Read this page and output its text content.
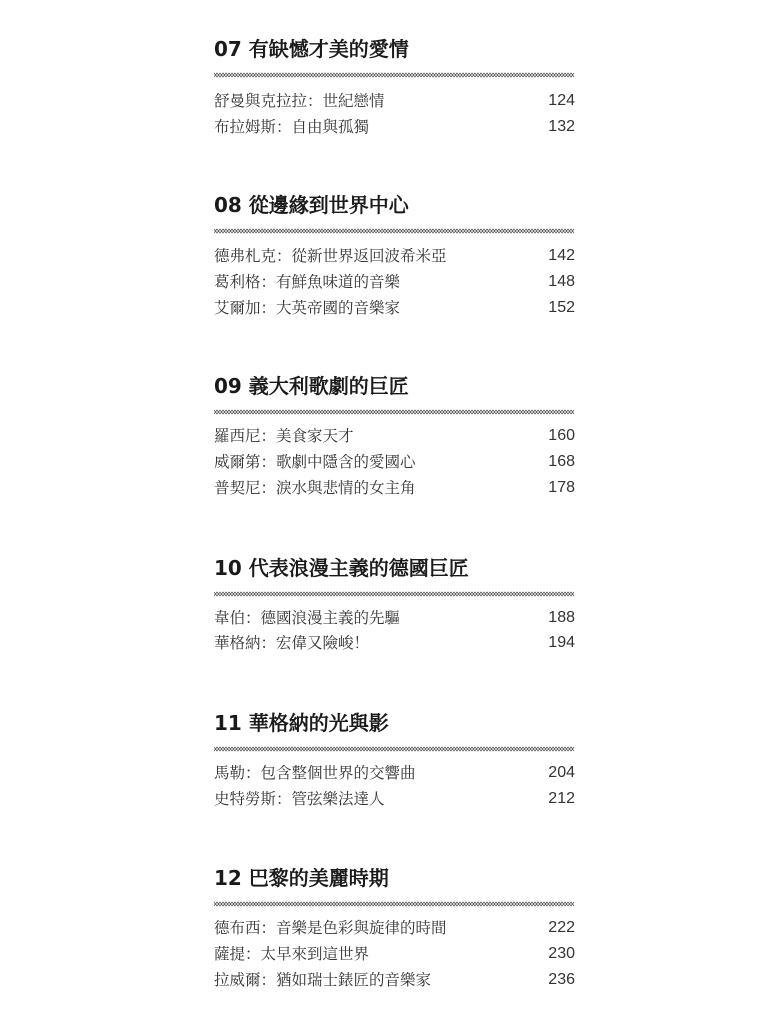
07 有缺憾才美的愛情
舒曼與克拉拉：世紀戀情	124
布拉姆斯：自由與孤獨	132
08 從邊緣到世界中心
德弗札克：從新世界返回波希米亞	142
葛利格：有鮮魚味道的音樂	148
艾爾加：大英帝國的音樂家	152
09 義大利歌劇的巨匠
羅西尼：美食家天才	160
威爾第：歌劇中隱含的愛國心	168
普契尼：淚水與悲情的女主角	178
10 代表浪漫主義的德國巨匠
韋伯：德國浪漫主義的先驅	188
華格納：宏偉又險峻！	194
11 華格納的光與影
馬勒：包含整個世界的交響曲	204
史特勞斯：管弦樂法達人	212
12 巴黎的美麗時期
德布西：音樂是色彩與旋律的時間	222
薩提：太早來到這世界	230
拉威爾：猶如瑞士錶匠的音樂家	236
